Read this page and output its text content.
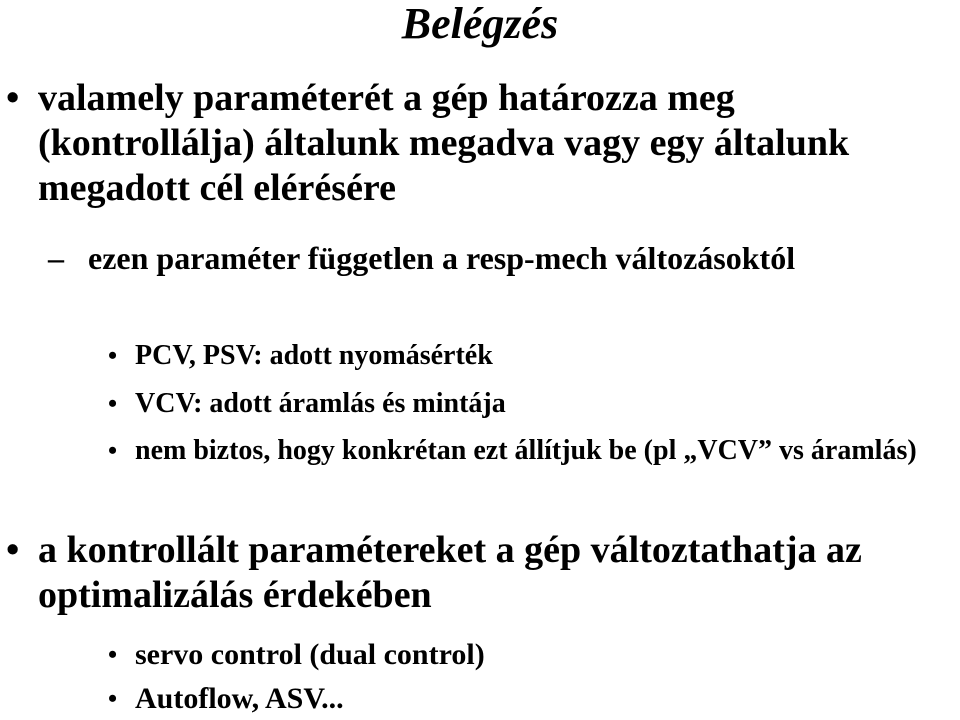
Belégzés
• valamely paraméterét a gép határozza meg (kontrollálja) általunk megadva vagy egy általunk megadott cél elérésére
– ezen paraméter független a resp-mech változásoktól
• PCV, PSV: adott nyomásérték
• VCV: adott áramlás és mintája
• nem biztos, hogy konkrétan ezt állítjuk be (pl „VCV” vs áramlás)
• a kontrollált paramétereket a gép változtathatja az optimalizálás érdekében
• servo control (dual control)
• Autoflow, ASV...
